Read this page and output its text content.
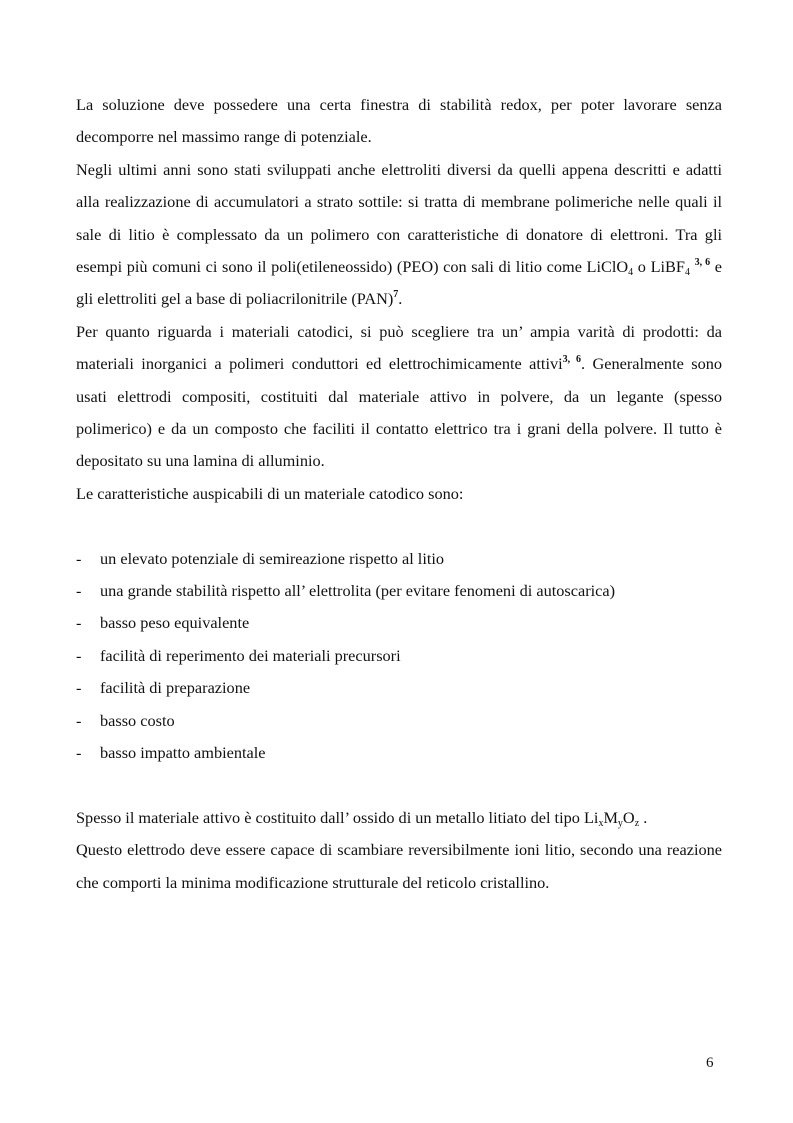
La soluzione deve possedere una certa finestra di stabilità redox, per poter lavorare senza decomporre nel massimo range di potenziale.

Negli ultimi anni sono stati sviluppati anche elettroliti diversi da quelli appena descritti e adatti alla realizzazione di accumulatori a strato sottile: si tratta di membrane polimeriche nelle quali il sale di litio è complessato da un polimero con caratteristiche di donatore di elettroni. Tra gli esempi più comuni ci sono il poli(etileneossido) (PEO) con sali di litio come LiClO$_4$ o LiBF$_4$ $^{3, 6}$ e gli elettroliti gel a base di poliacrilonitrile (PAN)$^7$.

Per quanto riguarda i materiali catodici, si può scegliere tra un’ ampia varità di prodotti: da materiali inorganici a polimeri conduttori ed elettrochimicamente attivi$^{3, 6}$. Generalmente sono usati elettrodi compositi, costituiti dal materiale attivo in polvere, da un legante (spesso polimerico) e da un composto che faciliti il contatto elettrico tra i grani della polvere. Il tutto è depositato su una lamina di alluminio.

Le caratteristiche auspicabili di un materiale catodico sono:

- un elevato potenziale di semireazione rispetto al litio
- una grande stabilità rispetto all’ elettrolita (per evitare fenomeni di autoscarica)
- basso peso equivalente
- facilità di reperimento dei materiali precursori
- facilità di preparazione
- basso costo
- basso impatto ambientale

Spesso il materiale attivo è costituito dall’ ossido di un metallo litiato del tipo $Li_xM_yO_z$ .

Questo elettrodo deve essere capace di scambiare reversibilmente ioni litio, secondo una reazione che comporti la minima modificazione strutturale del reticolo cristallino.

6
